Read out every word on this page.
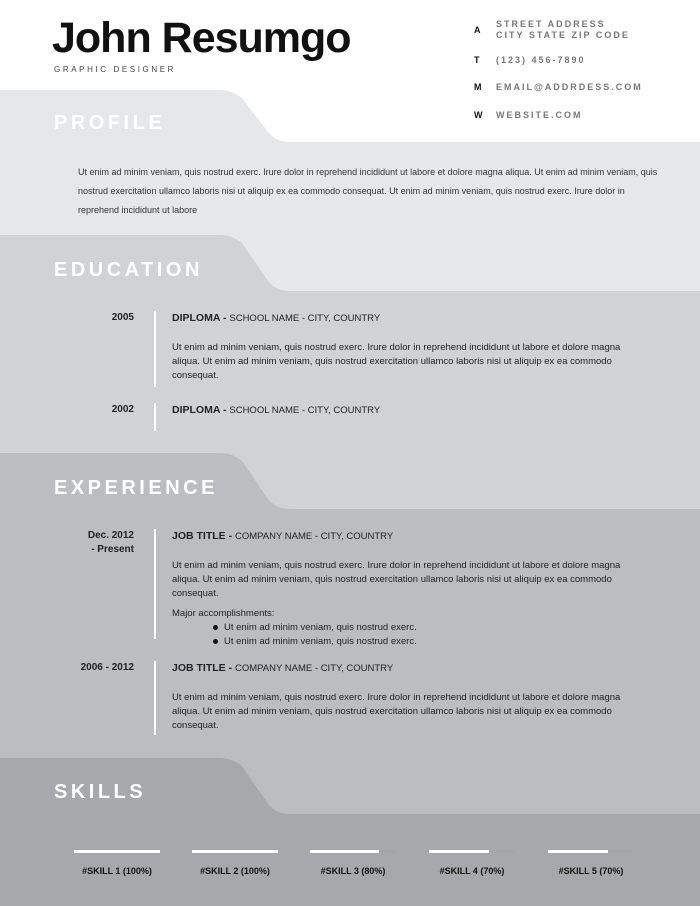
John Resumgo
GRAPHIC DESIGNER
PROFILE
Ut enim ad minim veniam, quis nostrud exerc. Irure dolor in reprehend incididunt ut labore et dolore magna aliqua. Ut enim ad minim veniam, quis nostrud exercitation ullamco laboris nisi ut aliquip ex ea commodo consequat. Ut enim ad minim veniam, quis nostrud exerc. Irure dolor in reprehend incididunt ut labore
A
STREET ADDRESS
CITY STATE ZIP CODE
T	(123) 456-7890
M	EMAIL@ADDRDESS.COM
W	WEBSITE.COM
EDUCATION
2005	DIPLOMA - SCHOOL NAME - CITY, COUNTRY
Ut enim ad minim veniam, quis nostrud exerc. Irure dolor in reprehend incididunt ut labore et dolore magna aliqua. Ut enim ad minim veniam, quis nostrud exercitation ullamco laboris nisi ut aliquip ex ea commodo consequat.
2002	DIPLOMA - SCHOOL NAME - CITY, COUNTRY
EXPERIENCE
Dec. 2012
- Present
JOB TITLE - COMPANY NAME - CITY, COUNTRY
Ut enim ad minim veniam, quis nostrud exerc. Irure dolor in reprehend incididunt ut labore et dolore magna aliqua. Ut enim ad minim veniam, quis nostrud exercitation ullamco laboris nisi ut aliquip ex ea commodo consequat.
Major accomplishments:
Ut enim ad minim veniam, quis nostrud exerc.
Ut enim ad minim veniam, quis nostrud exerc.
2006 - 2012	JOB TITLE - COMPANY NAME - CITY, COUNTRY
Ut enim ad minim veniam, quis nostrud exerc. Irure dolor in reprehend incididunt ut labore et dolore magna aliqua. Ut enim ad minim veniam, quis nostrud exercitation ullamco laboris nisi ut aliquip ex ea commodo consequat.
SKILLS
#SKILL 1 (100%)	#SKILL 2 (100%)	#SKILL 3 (80%)	#SKILL 4 (70%)	#SKILL 5 (70%)
